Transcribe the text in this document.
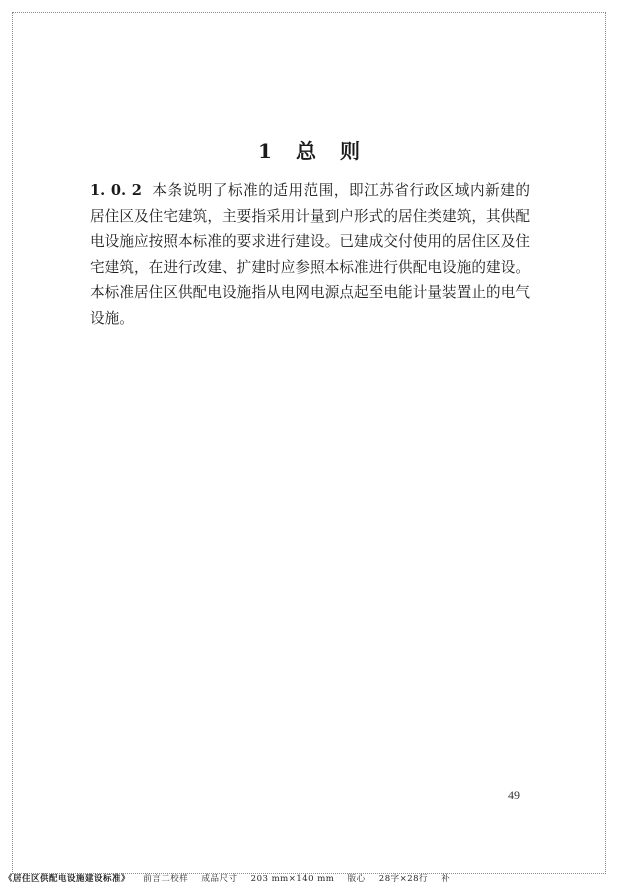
1 总 则
1. 0. 2 本条说明了标准的适用范围，即江苏省行政区域内新建的居住区及住宅建筑，主要指采用计量到户形式的居住类建筑，其供配电设施应按照本标准的要求进行建设。已建成交付使用的居住区及住宅建筑，在进行改建、扩建时应参照本标准进行供配电设施的建设。本标准居住区供配电设施指从电网电源点起至电能计量装置止的电气设施。
49
《居住区供配电设施建设标准》 前言二校样 成品尺寸 203 mm×140 mm 版心 28字×28行 补
